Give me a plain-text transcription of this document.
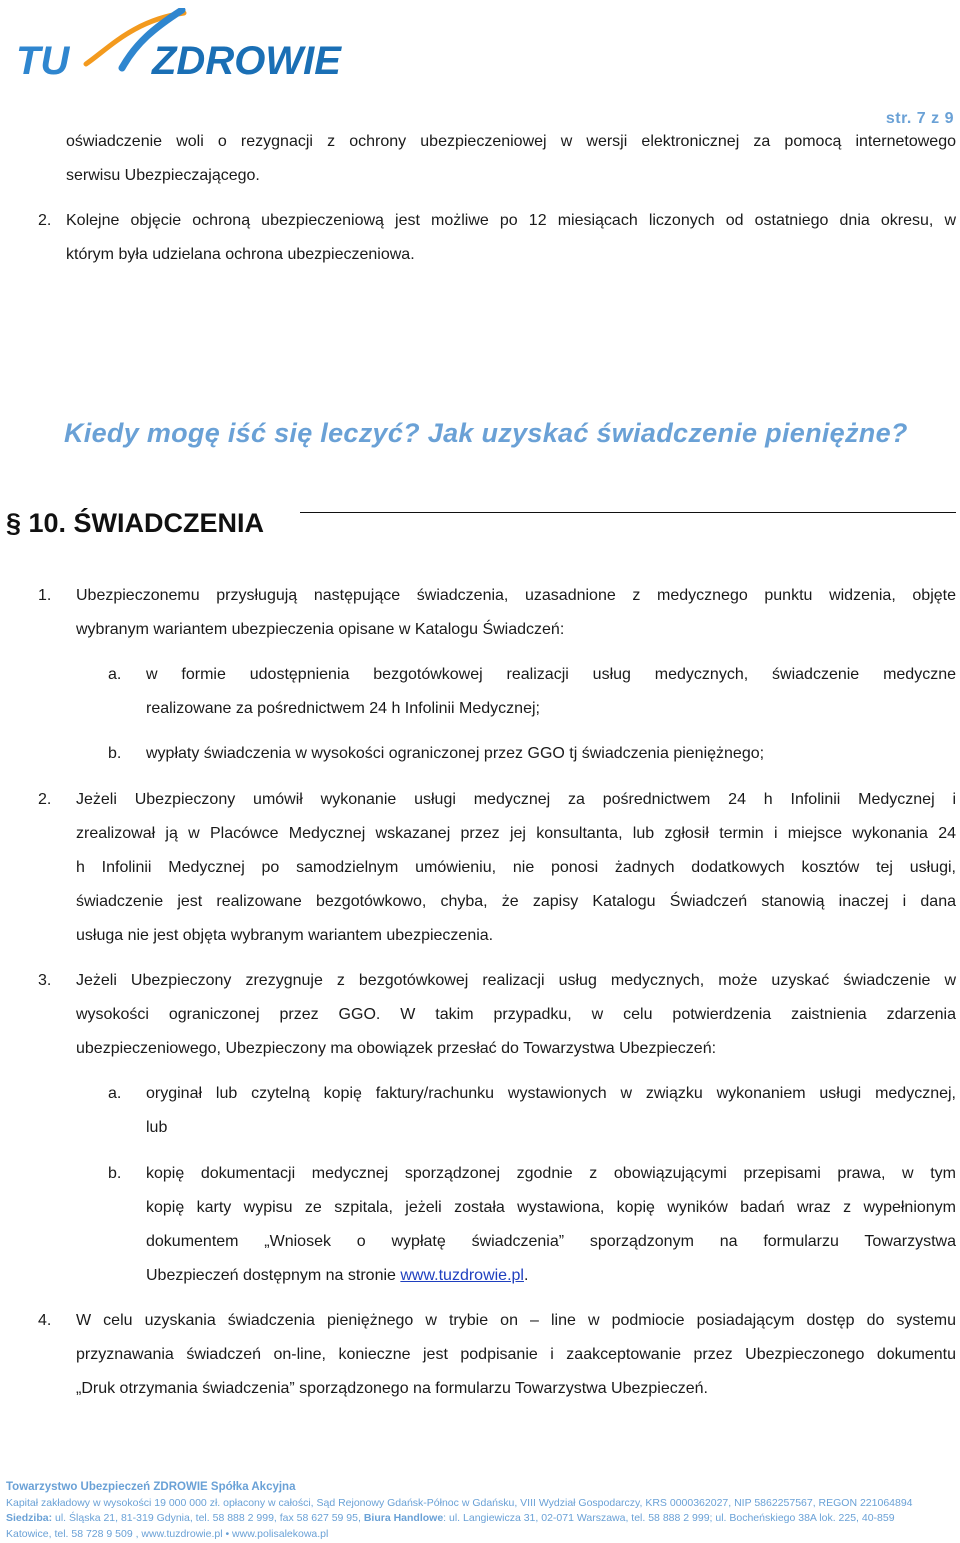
TU ZDROWIE
str. 7 z 9
oświadczenie woli o rezygnacji z ochrony ubezpieczeniowej w wersji elektronicznej za pomocą internetowego
serwisu Ubezpieczającego.
2. Kolejne objęcie ochroną ubezpieczeniową jest możliwe po 12 miesiącach liczonych od ostatniego dnia okresu, w
którym była udzielana ochrona ubezpieczeniowa.
Kiedy mogę iść się leczyć? Jak uzyskać świadczenie pieniężne?
§ 10. ŚWIADCZENIA
1. Ubezpieczonemu przysługują następujące świadczenia, uzasadnione z medycznego punktu widzenia, objęte
wybranym wariantem ubezpieczenia opisane w Katalogu Świadczeń:
a. w formie udostępnienia bezgotówkowej realizacji usług medycznych, świadczenie medyczne
realizowane za pośrednictwem 24 h Infolinii Medycznej;
b. wypłaty świadczenia w wysokości ograniczonej przez GGO tj świadczenia pieniężnego;
2. Jeżeli Ubezpieczony umówił wykonanie usługi medycznej za pośrednictwem 24 h Infolinii Medycznej i
zrealizował ją w Placówce Medycznej wskazanej przez jej konsultanta, lub zgłosił termin i miejsce wykonania 24
h Infolinii Medycznej po samodzielnym umówieniu, nie ponosi żadnych dodatkowych kosztów tej usługi,
świadczenie jest realizowane bezgotówkowo, chyba, że zapisy Katalogu Świadczeń stanowią inaczej i dana
usługa nie jest objęta wybranym wariantem ubezpieczenia.
3. Jeżeli Ubezpieczony zrezygnuje z bezgotówkowej realizacji usług medycznych, może uzyskać świadczenie w
wysokości ograniczonej przez GGO. W takim przypadku, w celu potwierdzenia zaistnienia zdarzenia
ubezpieczeniowego, Ubezpieczony ma obowiązek przesłać do Towarzystwa Ubezpieczeń:
a. oryginał lub czytelną kopię faktury/rachunku wystawionych w związku wykonaniem usługi medycznej,
lub
b. kopię dokumentacji medycznej sporządzonej zgodnie z obowiązującymi przepisami prawa, w tym
kopię karty wypisu ze szpitala, jeżeli została wystawiona, kopię wyników badań wraz z wypełnionym
dokumentem „Wniosek o wypłatę świadczenia” sporządzonym na formularzu Towarzystwa
Ubezpieczeń dostępnym na stronie www.tuzdrowie.pl.
4. W celu uzyskania świadczenia pieniężnego w trybie on – line w podmiocie posiadającym dostęp do systemu
przyznawania świadczeń on-line, konieczne jest podpisanie i zaakceptowanie przez Ubezpieczonego dokumentu
„Druk otrzymania świadczenia” sporządzonego na formularzu Towarzystwa Ubezpieczeń.
Towarzystwo Ubezpieczeń ZDROWIE Spółka Akcyjna
Kapitał zakładowy w wysokości 19 000 000 zł. opłacony w całości, Sąd Rejonowy Gdańsk-Północ w Gdańsku, VIII Wydział Gospodarczy, KRS 0000362027, NIP 5862257567, REGON 221064894
Siedziba: ul. Śląska 21, 81-319 Gdynia, tel. 58 888 2 999, fax 58 627 59 95, Biura Handlowe: ul. Langiewicza 31, 02-071 Warszawa, tel. 58 888 2 999; ul. Bocheńskiego 38A lok. 225, 40-859
Katowice, tel. 58 728 9 509 , www.tuzdrowie.pl • www.polisalekowa.pl
